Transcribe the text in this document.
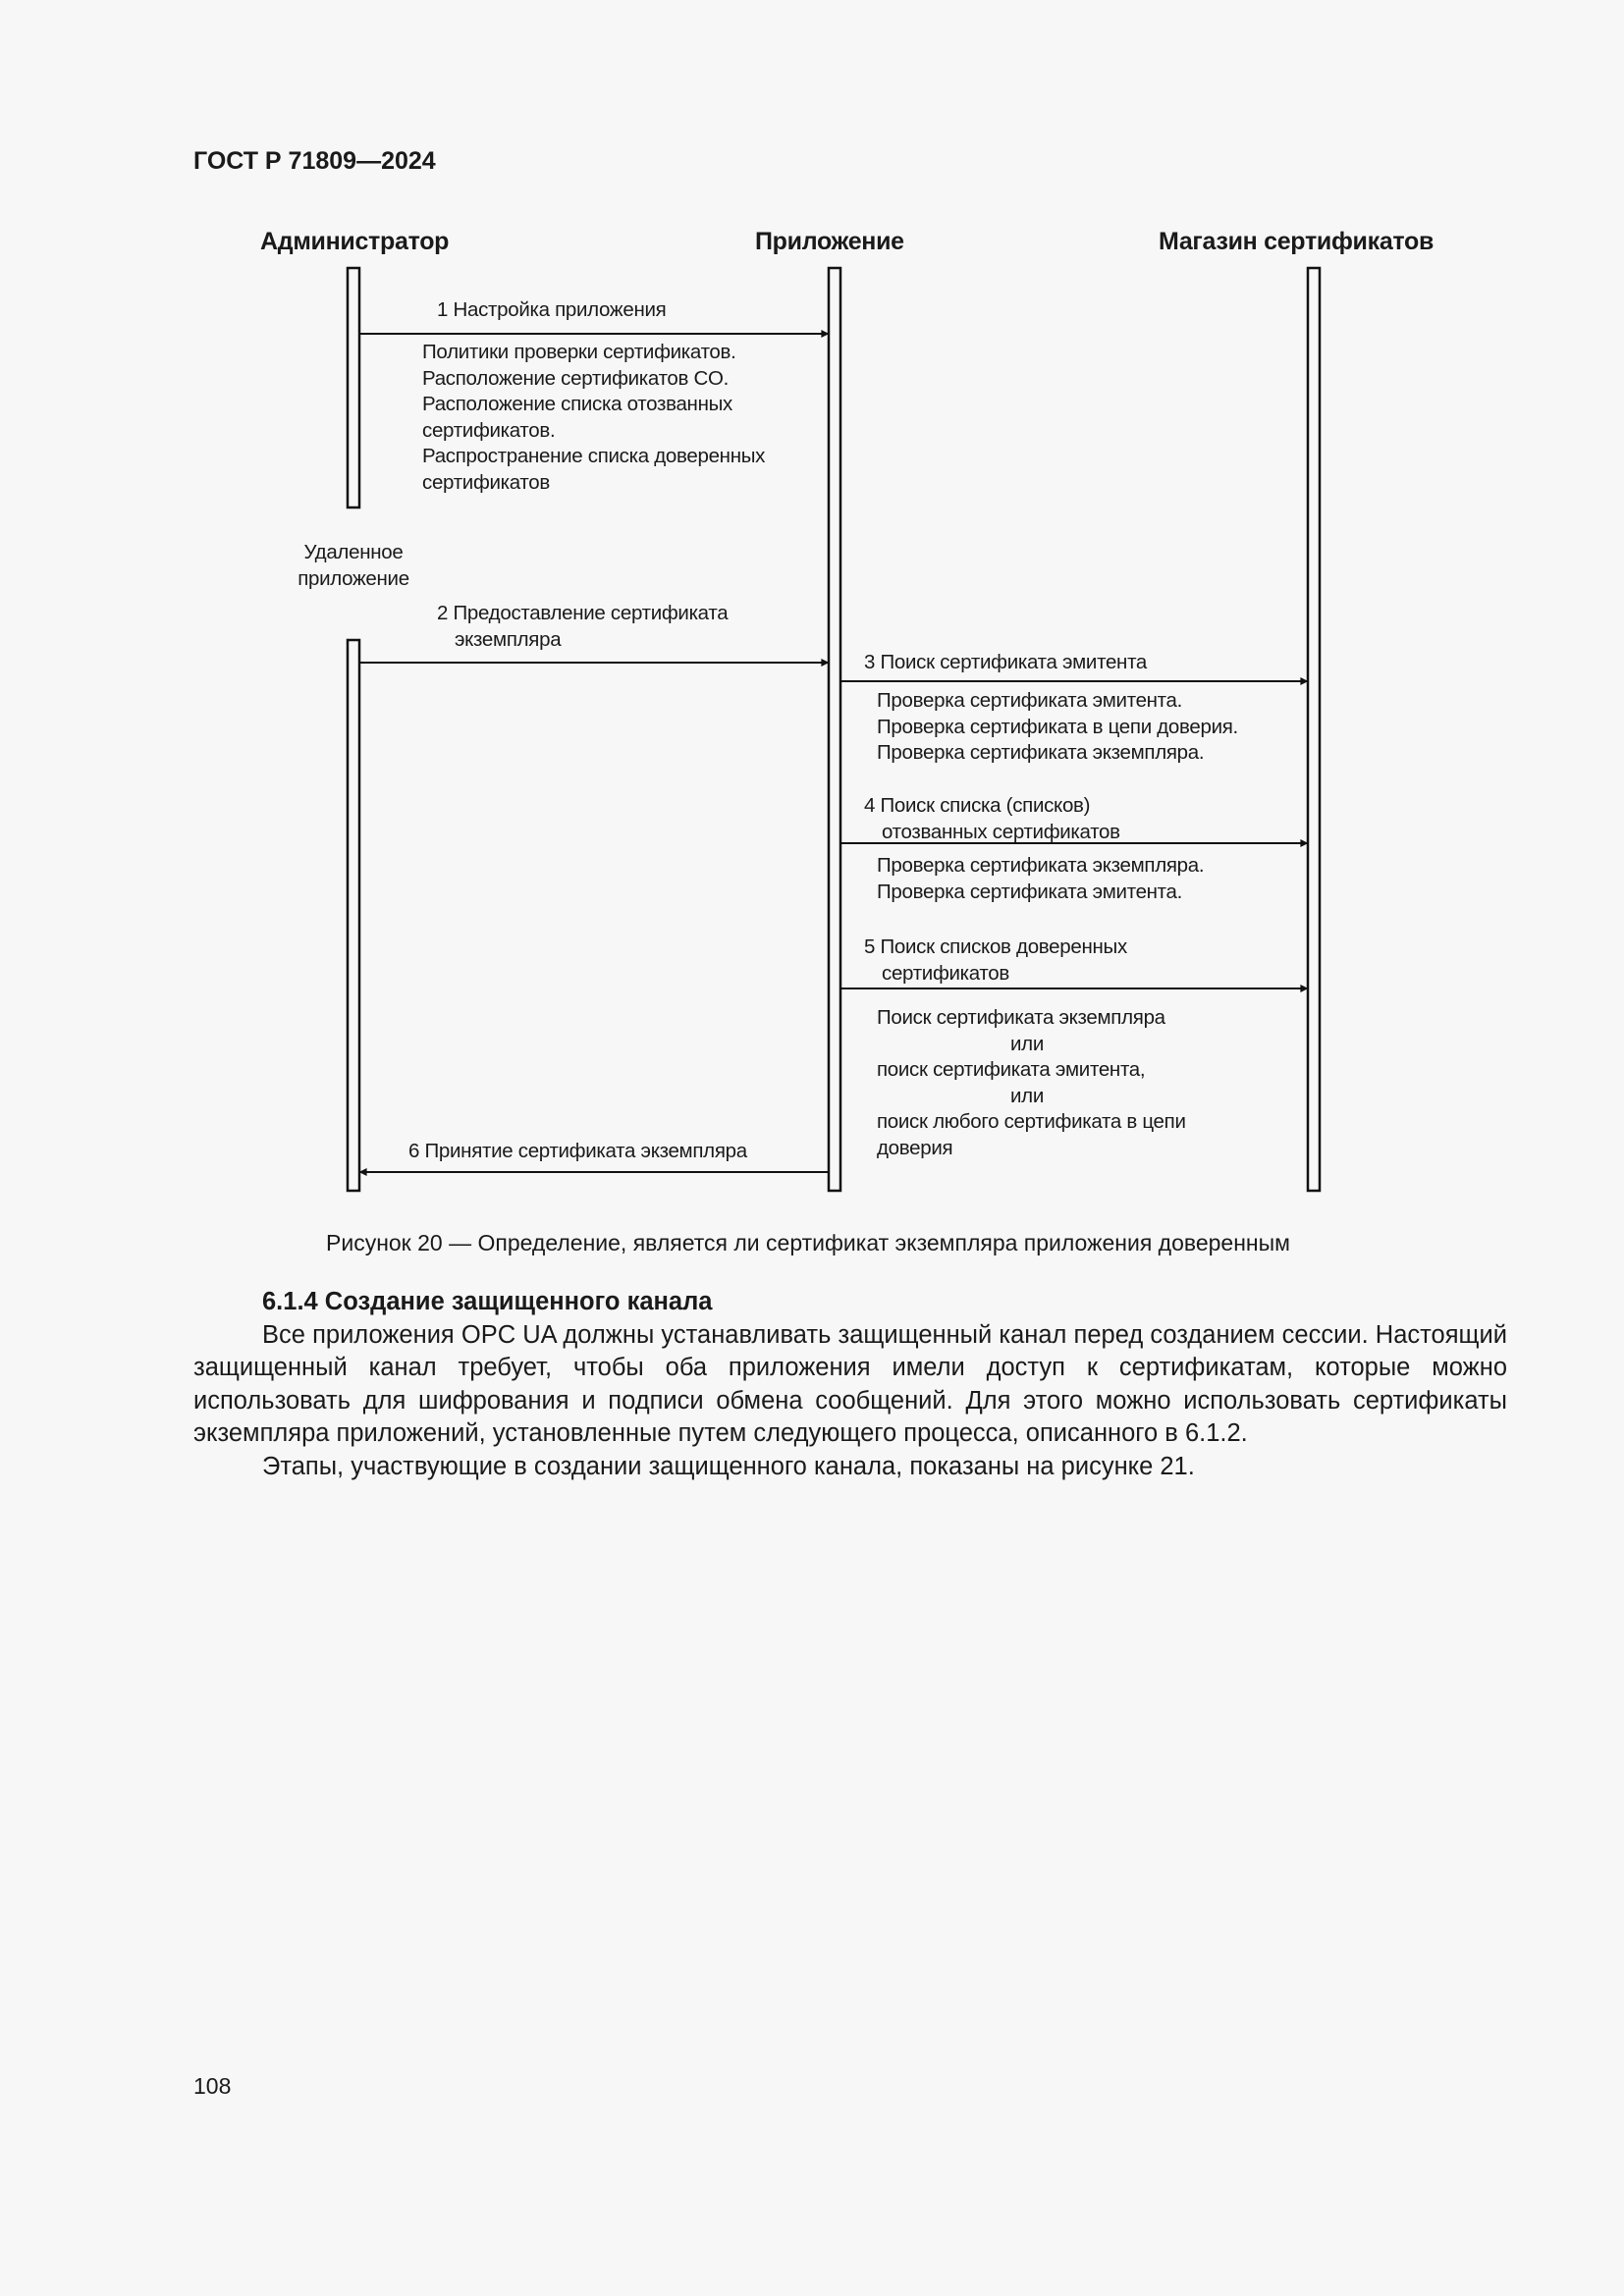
ГОСТ Р 71809—2024
Администратор	Приложение	Магазин сертификатов
Удаленное
приложение
1 Настройка приложения
Политики проверки сертификатов.
Расположение сертификатов CO.
Расположение списка отозванных
сертификатов.
Распространение списка доверенных
сертификатов
2 Предоставление сертификата
экземпляра
3 Поиск сертификата эмитента
Проверка сертификата эмитента.
Проверка сертификата в цепи доверия.
Проверка сертификата экземпляра.
4 Поиск списка (списков)
отозванных сертификатов
Проверка сертификата экземпляра.
Проверка сертификата эмитента.
5 Поиск списков доверенных
сертификатов
Поиск сертификата экземпляра
или
поиск сертификата эмитента,
или
поиск любого сертификата в цепи
доверия
6 Принятие сертификата экземпляра
Рисунок 20 — Определение, является ли сертификат экземпляра приложения доверенным
6.1.4 Создание защищенного канала

Все приложения OPC UA должны устанавливать защищенный канал перед созданием сессии. Настоящий защищенный канал требует, чтобы оба приложения имели доступ к сертификатам, которые можно использовать для шифрования и подписи обмена сообщений. Для этого можно использовать сертификаты экземпляра приложений, установленные путем следующего процесса, описанного в 6.1.2.

Этапы, участвующие в создании защищенного канала, показаны на рисунке 21.

108
